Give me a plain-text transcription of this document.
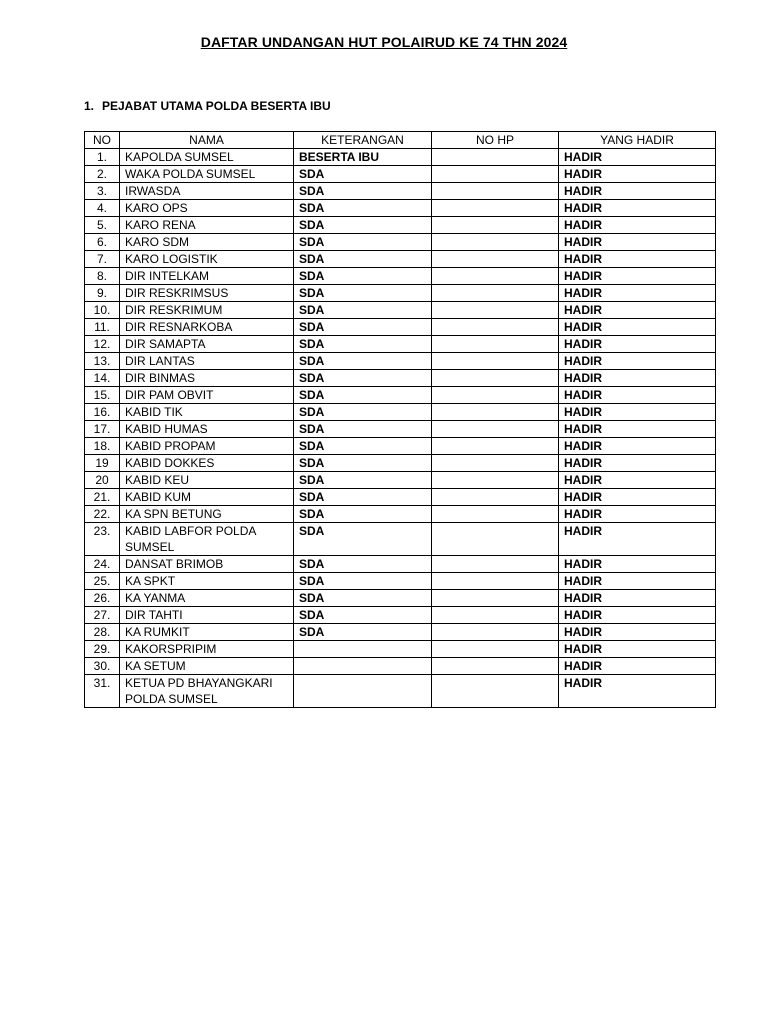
DAFTAR UNDANGAN HUT POLAIRUD KE 74 THN 2024
1. PEJABAT UTAMA POLDA BESERTA IBU
NO	NAMA	KETERANGAN	NO HP	YANG HADIR
1.	KAPOLDA SUMSEL	BESERTA IBU		HADIR
2.	WAKA POLDA SUMSEL	SDA		HADIR
3.	IRWASDA	SDA		HADIR
4.	KARO OPS	SDA		HADIR
5.	KARO RENA	SDA		HADIR
6.	KARO SDM	SDA		HADIR
7.	KARO LOGISTIK	SDA		HADIR
8.	DIR INTELKAM	SDA		HADIR
9.	DIR RESKRIMSUS	SDA		HADIR
10.	DIR RESKRIMUM	SDA		HADIR
11.	DIR RESNARKOBA	SDA		HADIR
12.	DIR SAMAPTA	SDA		HADIR
13.	DIR LANTAS	SDA		HADIR
14.	DIR BINMAS	SDA		HADIR
15.	DIR PAM OBVIT	SDA		HADIR
16.	KABID TIK	SDA		HADIR
17.	KABID HUMAS	SDA		HADIR
18.	KABID PROPAM	SDA		HADIR
19	KABID DOKKES	SDA		HADIR
20	KABID KEU	SDA		HADIR
21.	KABID KUM	SDA		HADIR
22.	KA SPN BETUNG	SDA		HADIR
23.	KABID LABFOR POLDA SUMSEL	SDA		HADIR
24.	DANSAT BRIMOB	SDA		HADIR
25.	KA SPKT	SDA		HADIR
26.	KA YANMA	SDA		HADIR
27.	DIR TAHTI	SDA		HADIR
28.	KA RUMKIT	SDA		HADIR
29.	KAKORSPRIPIM			HADIR
30.	KA SETUM			HADIR
31.	KETUA PD BHAYANGKARI POLDA SUMSEL			HADIR
